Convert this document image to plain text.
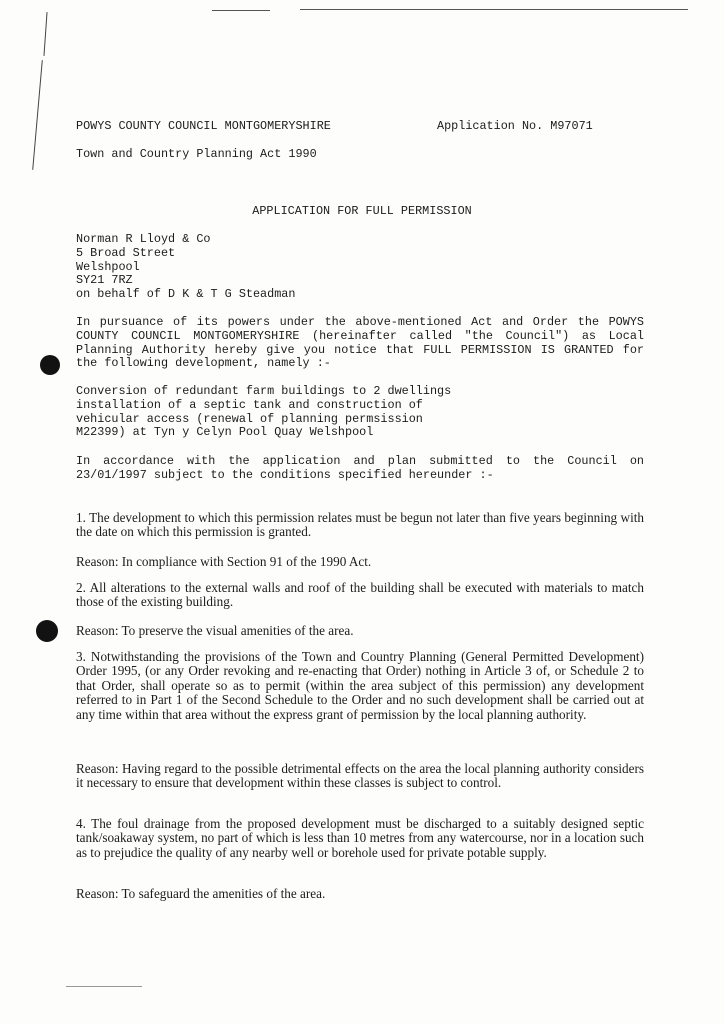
POWYS COUNTY COUNCIL MONTGOMERYSHIRE	Application No. M97071
Town and Country Planning Act 1990
APPLICATION FOR FULL PERMISSION
Norman R Lloyd & Co
5 Broad Street
Welshpool
SY21 7RZ
on behalf of D K & T G Steadman

In pursuance of its powers under the above-mentioned Act and Order the POWYS COUNTY COUNCIL MONTGOMERYSHIRE (hereinafter called "the Council") as Local Planning Authority hereby give you notice that FULL PERMISSION IS GRANTED for the following development, namely :-

Conversion of redundant farm buildings to 2 dwellings
installation of a septic tank and construction of
vehicular access (renewal of planning permsission
M22399) at Tyn y Celyn Pool Quay Welshpool

In accordance with the application and plan submitted to the Council on 23/01/1997 subject to the conditions specified hereunder :-

1. The development to which this permission relates must be begun not later than five years beginning with the date on which this permission is granted.

Reason: In compliance with Section 91 of the 1990 Act.

2. All alterations to the external walls and roof of the building shall be executed with materials to match those of the existing building.

Reason: To preserve the visual amenities of the area.

3. Notwithstanding the provisions of the Town and Country Planning (General Permitted Development) Order 1995, (or any Order revoking and re-enacting that Order) nothing in Article 3 of, or Schedule 2 to that Order, shall operate so as to permit (within the area subject of this permission) any development referred to in Part 1 of the Second Schedule to the Order and no such development shall be carried out at any time within that area without the express grant of permission by the local planning authority.

Reason: Having regard to the possible detrimental effects on the area the local planning authority considers it necessary to ensure that development within these classes is subject to control.

4. The foul drainage from the proposed development must be discharged to a suitably designed septic tank/soakaway system, no part of which is less than 10 metres from any watercourse, nor in a location such as to prejudice the quality of any nearby well or borehole used for private potable supply.

Reason: To safeguard the amenities of the area.
